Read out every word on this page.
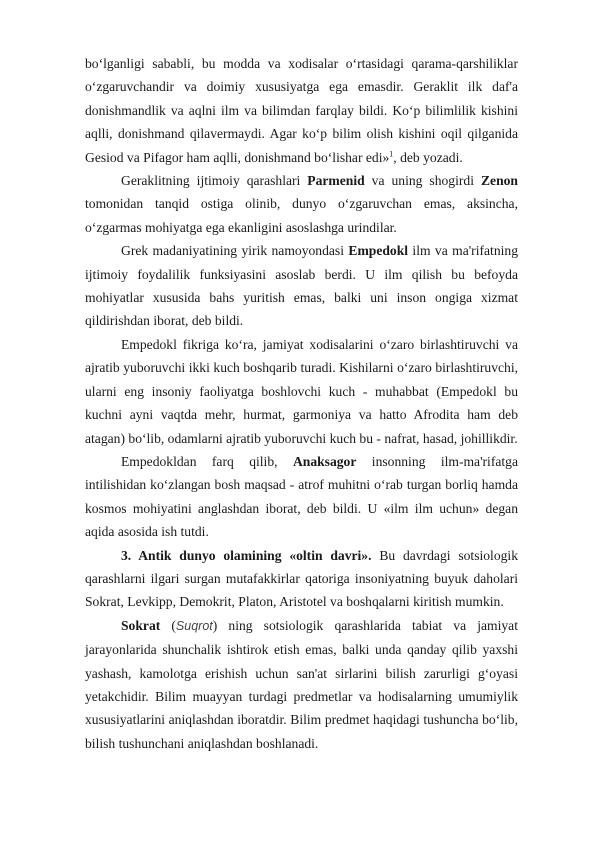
bo‘lganligi sababli, bu modda va xodisalar o‘rtasidagi qarama-qarshiliklar o‘zgaruvchandir va doimiy xususiyatga ega emasdir. Geraklit ilk daf'a donishmandlik va aqlni ilm va bilimdan farqlay bildi. Ko‘p bilimlilik kishini aqlli, donishmand qilavermaydi. Agar ko‘p bilim olish kishini oqil qilganida Gesiod va Pifagor ham aqlli, donishmand bo‘lishar edi»$^1$, deb yozadi.

Geraklitning ijtimoiy qarashlari Parmenid va uning shogirdi Zenon tomonidan tanqid ostiga olinib, dunyo o‘zgaruvchan emas, aksincha, o‘zgarmas mohiyatga ega ekanligini asoslashga urindilar.

Grek madaniyatining yirik namoyondasi Empedokl ilm va ma'rifatning ijtimoiy foydalilik funksiyasini asoslab berdi. U ilm qilish bu befoyda mohiyatlar xususida bahs yuritish emas, balki uni inson ongiga xizmat qildirishdan iborat, deb bildi.

Empedokl fikriga ko‘ra, jamiyat xodisalarini o‘zaro birlashtiruvchi va ajratib yuboruvchi ikki kuch boshqarib turadi. Kishilarni o‘zaro birlashtiruvchi, ularni eng insoniy faoliyatga boshlovchi kuch - muhabbat (Empedokl bu kuchni ayni vaqtda mehr, hurmat, garmoniya va hatto Afrodita ham deb atagan) bo‘lib, odamlarni ajratib yuboruvchi kuch bu - nafrat, hasad, johillikdir.

Empedokldan farq qilib, Anaksagor insonning ilm-ma'rifatga intilishidan ko‘zlangan bosh maqsad - atrof muhitni o‘rab turgan borliq hamda kosmos mohiyatini anglashdan iborat, deb bildi. U «ilm ilm uchun» degan aqida asosida ish tutdi.

3. Antik dunyo olamining «oltin davri». Bu davrdagi sotsiologik qarashlarni ilgari surgan mutafakkirlar qatoriga insoniyatning buyuk daholari Sokrat, Levkipp, Demokrit, Platon, Aristotel va boshqalarni kiritish mumkin.

Sokrat (Suqrot) ning sotsiologik qarashlarida tabiat va jamiyat jarayonlarida shunchalik ishtirok etish emas, balki unda qanday qilib yaxshi yashash, kamolotga erishish uchun san'at sirlarini bilish zarurligi g‘oyasi yetakchidir. Bilim muayyan turdagi predmetlar va hodisalarning umumiylik xususiyatlarini aniqlashdan iboratdir. Bilim predmet haqidagi tushuncha bo‘lib, bilish tushunchani aniqlashdan boshlanadi.
